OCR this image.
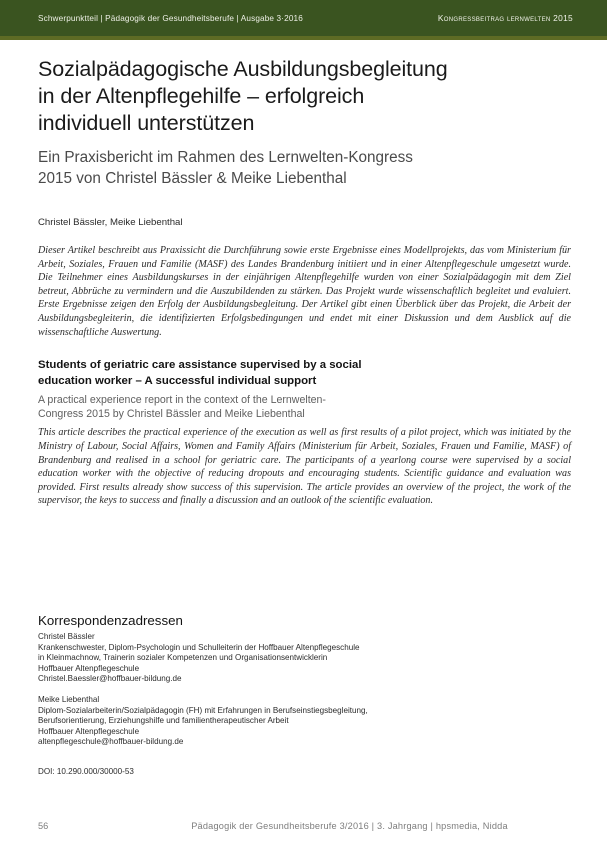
Schwerpunktteil | Pädagogik der Gesundheitsberufe | Ausgabe 3·2016	kongressbeitrag lernwelten 2015
Sozialpädagogische Ausbildungsbegleitung
in der Altenpflegehilfe – erfolgreich
individuell unterstützen
Ein Praxisbericht im Rahmen des Lernwelten-Kongress
2015 von Christel Bässler & Meike Liebenthal
Christel Bässler, Meike Liebenthal

Dieser Artikel beschreibt aus Praxissicht die Durchführung sowie erste Ergebnisse eines Modellprojekts, das vom Ministerium für Arbeit, Soziales, Frauen und Familie (MASF) des Landes Brandenburg initiiert und in einer Altenpflegeschule umgesetzt wurde. Die Teilnehmer eines Ausbildungskurses in der einjährigen Altenpflegehilfe wurden von einer Sozialpädagogin mit dem Ziel betreut, Abbrüche zu vermindern und die Auszubildenden zu stärken. Das Projekt wurde wissenschaftlich begleitet und evaluiert. Erste Ergebnisse zeigen den Erfolg der Ausbildungsbegleitung. Der Artikel gibt einen Überblick über das Projekt, die Arbeit der Ausbildungsbegleiterin, die identifizierten Erfolgsbedingungen und endet mit einer Diskussion und dem Ausblick auf die wissenschaftliche Auswertung.

Students of geriatric care assistance supervised by a social
education worker – A successful individual support
A practical experience report in the context of the Lernwelten-
Congress 2015 by Christel Bässler and Meike Liebenthal

This article describes the practical experience of the execution as well as first results of a pilot project, which was initiated by the Ministry of Labour, Social Affairs, Women and Family Affairs (Ministerium für Arbeit, Soziales, Frauen und Familie, MASF) of Brandenburg and realised in a school for geriatric care. The participants of a yearlong course were supervised by a social education worker with the objective of reducing dropouts and encouraging students. Scientific guidance and evaluation was provided. First results already show success of this supervision. The article provides an overview of the project, the work of the supervisor, the keys to success and finally a discussion and an outlook of the scientific evaluation.

Korrespondenzadressen
Christel Bässler
Krankenschwester, Diplom-Psychologin und Schulleiterin der Hoffbauer Altenpflegeschule
in Kleinmachnow, Trainerin sozialer Kompetenzen und Organisationsentwicklerin
Hoffbauer Altenpflegeschule
Christel.Baessler@hoffbauer-bildung.de
Meike Liebenthal
Diplom-Sozialarbeiterin/Sozialpädagogin (FH) mit Erfahrungen in Berufseinstiegsbegleitung,
Berufsorientierung, Erziehungshilfe und familientherapeutischer Arbeit
Hoffbauer Altenpflegeschule
altenpflegeschule@hoffbauer-bildung.de
DOI: 10.290.000/30000-53
56	Pädagogik der Gesundheitsberufe 3/2016 | 3. Jahrgang | hpsmedia, Nidda
